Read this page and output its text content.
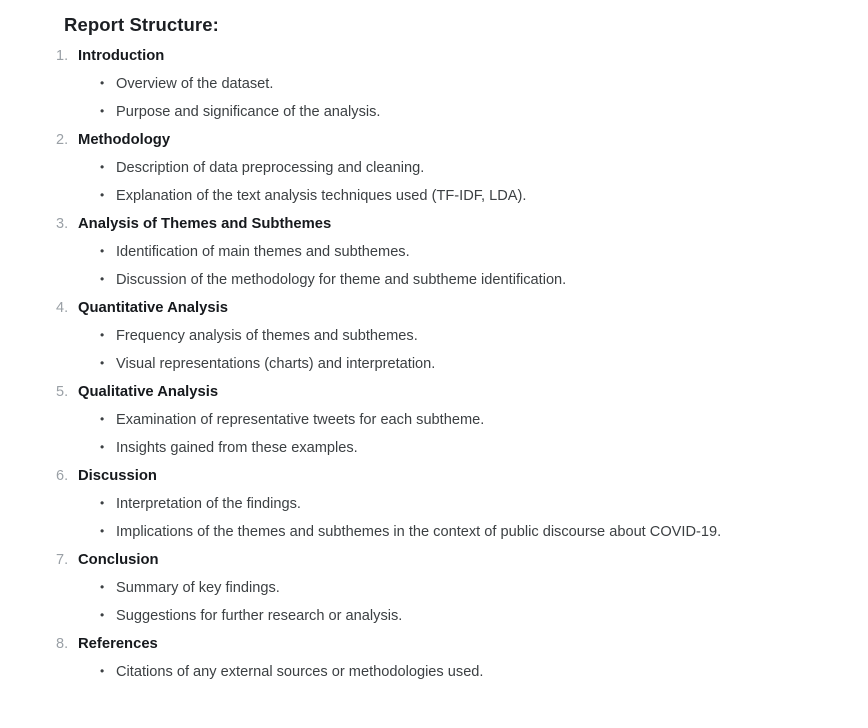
Report Structure:
Introduction
• Overview of the dataset.
• Purpose and significance of the analysis.
Methodology
• Description of data preprocessing and cleaning.
• Explanation of the text analysis techniques used (TF-IDF, LDA).
Analysis of Themes and Subthemes
• Identification of main themes and subthemes.
• Discussion of the methodology for theme and subtheme identification.
Quantitative Analysis
• Frequency analysis of themes and subthemes.
• Visual representations (charts) and interpretation.
Qualitative Analysis
• Examination of representative tweets for each subtheme.
• Insights gained from these examples.
Discussion
• Interpretation of the findings.
• Implications of the themes and subthemes in the context of public discourse about COVID-19.
Conclusion
• Summary of key findings.
• Suggestions for further research or analysis.
References
• Citations of any external sources or methodologies used.
